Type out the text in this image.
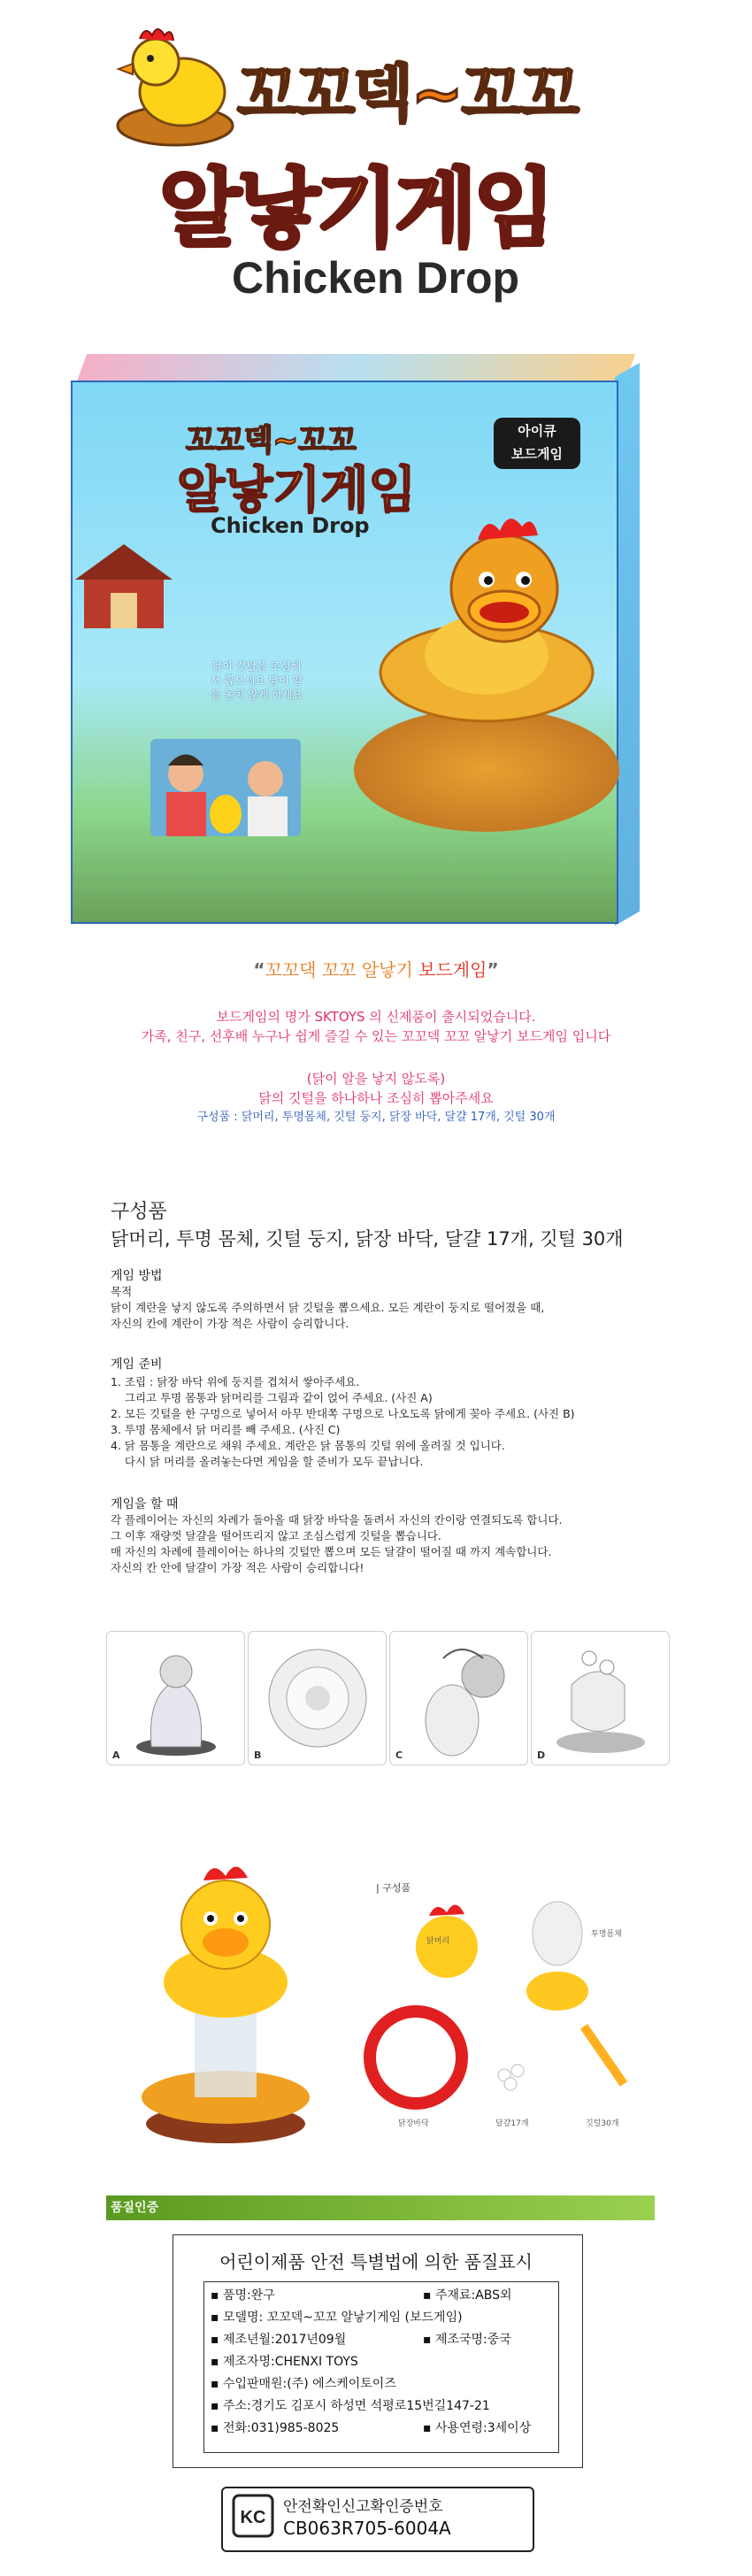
꼬꼬덱~꼬꼬
알낳기게임
Chicken Drop
꼬꼬덱~꼬꼬
알낳기게임
Chicken Drop
아이큐
보드게임
닭이 깃털을 조심해서 뽑으세요 닭이 알을 놓치 않게 하세요
“꼬꼬댁 꼬꼬 알낳기 보드게임”
보드게임의 명가 SKTOYS 의 신제품이 출시되었습니다.
가족, 친구, 선후배 누구나 쉽게 즐길 수 있는 꼬꼬덱 꼬꼬 알낳기 보드게임 입니다
(닭이 알을 낳지 않도록)
닭의 깃털을 하나하나 조심히 뽑아주세요
구성품 : 닭머리, 투명몸체, 깃털 둥지, 닭장 바닥, 달걀 17개, 깃털 30개
구성품
닭머리, 투명 몸체, 깃털 둥지, 닭장 바닥, 달걀 17개, 깃털 30개
게임 방법
목적
닭이 계란을 낳지 않도록 주의하면서 닭 깃털을 뽑으세요. 모든 계란이 둥지로 떨어졌을 때,
자신의 칸에 계란이 가장 적은 사람이 승리합니다.
게임 준비
1. 조립 : 닭장 바닥 위에 둥지를 겹쳐서 쌓아주세요.
그리고 투명 몸통과 닭머리를 그림과 같이 얹어 주세요. (사진 A)
2. 모든 깃털을 한 구멍으로 넣어서 아무 반대쪽 구멍으로 나오도록 닭에게 꽂아 주세요. (사진 B)
3. 투명 몸체에서 닭 머리를 빼 주세요. (사진 C)
4. 닭 몸통을 계란으로 채워 주세요. 계란은 닭 몸통의 깃털 위에 올려질 것 입니다.
다시 닭 머리를 올려놓는다면 게임을 할 준비가 모두 끝납니다.
게임을 할 때
각 플레이어는 자신의 차례가 돌아올 때 닭장 바닥을 돌려서 자신의 칸이랑 연결되도록 합니다.
그 이후 재량껏 달걀을 떨어뜨리지 않고 조심스럽게 깃털을 뽑습니다.
매 자신의 차례에 플레이어는 하나의 깃털만 뽑으며 모든 달걀이 떨어질 때 까지 계속합니다.
자신의 칸 안에 달걀이 가장 적은 사람이 승리합니다!
A	B	C	D
| 구성품
닭머리
투명몸체
닭장바닥	달걀17개	깃털30개
품질인증
어린이제품 안전 특별법에 의한 품질표시
▪ 품명:완구
▪ 모델명: 꼬꼬덱~꼬꼬 알낳기게임 (보드게임)
▪ 제조년월:2017년09월
▪ 제조자명:CHENXI TOYS
▪ 수입판매원:(주) 에스케이토이즈
▪ 주소:경기도 김포시 하성면 석평로15번길147-21
▪ 전화:031)985-8025
▪ 주재료:ABS외
▪ 제조국명:중국
▪ 사용연령:3세이상
KC
안전확인신고확인증번호
CB063R705-6004A
